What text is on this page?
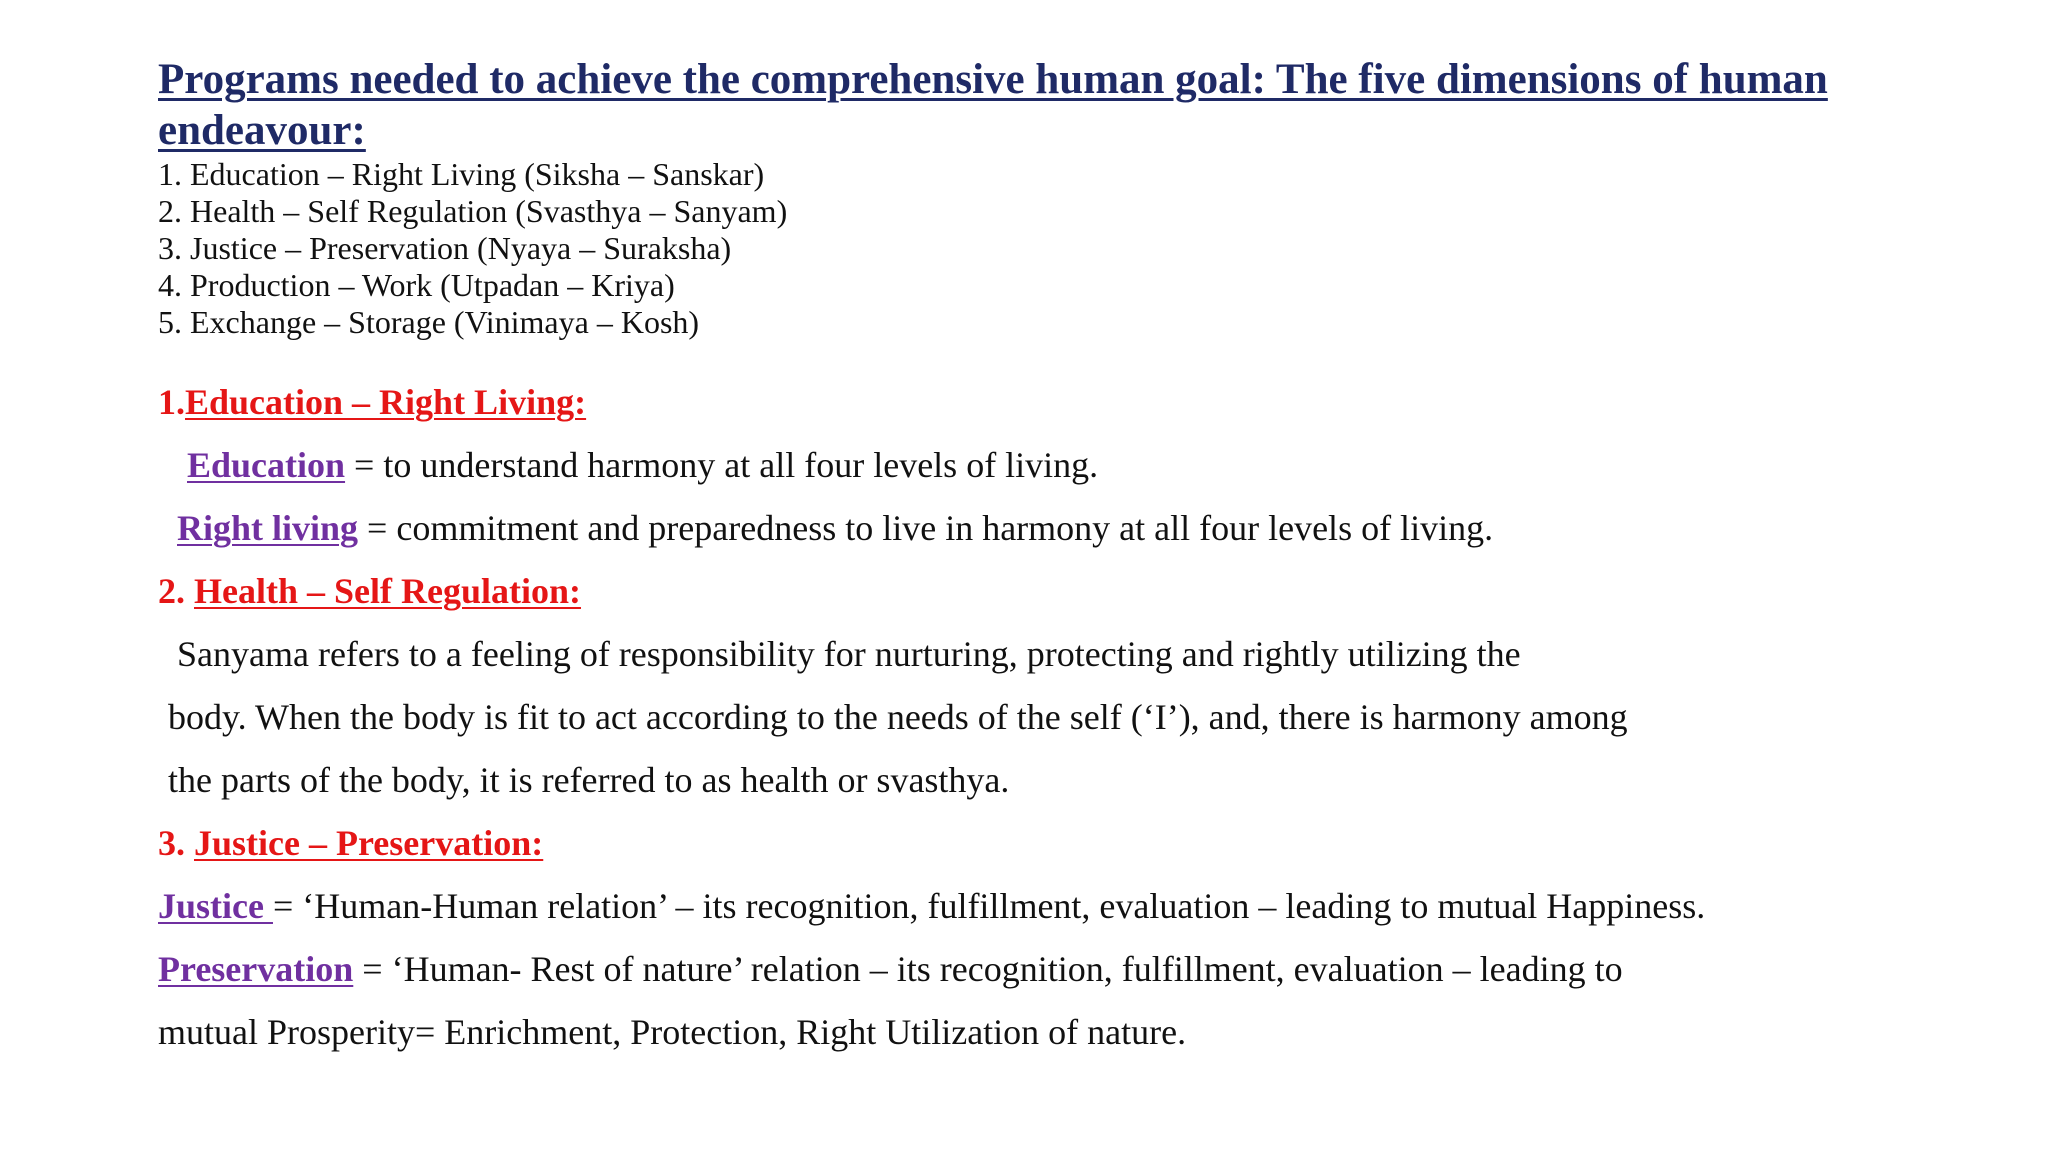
Programs needed to achieve the comprehensive human goal: The five dimensions of human endeavour:
1. Education – Right Living (Siksha – Sanskar)
2. Health – Self Regulation (Svasthya – Sanyam)
3. Justice – Preservation (Nyaya – Suraksha)
4. Production – Work (Utpadan – Kriya)
5. Exchange – Storage (Vinimaya – Kosh)
1.Education – Right Living:
Education = to understand harmony at all four levels of living.
Right living = commitment and preparedness to live in harmony at all four levels of living.
2. Health – Self Regulation:
Sanyama refers to a feeling of responsibility for nurturing, protecting and rightly utilizing the
body. When the body is fit to act according to the needs of the self (‘I’), and, there is harmony among
the parts of the body, it is referred to as health or svasthya.
3. Justice – Preservation:
Justice = ‘Human-Human relation’ – its recognition, fulfillment, evaluation – leading to mutual Happiness.
Preservation = ‘Human- Rest of nature’ relation – its recognition, fulfillment, evaluation – leading to
mutual Prosperity= Enrichment, Protection, Right Utilization of nature.
